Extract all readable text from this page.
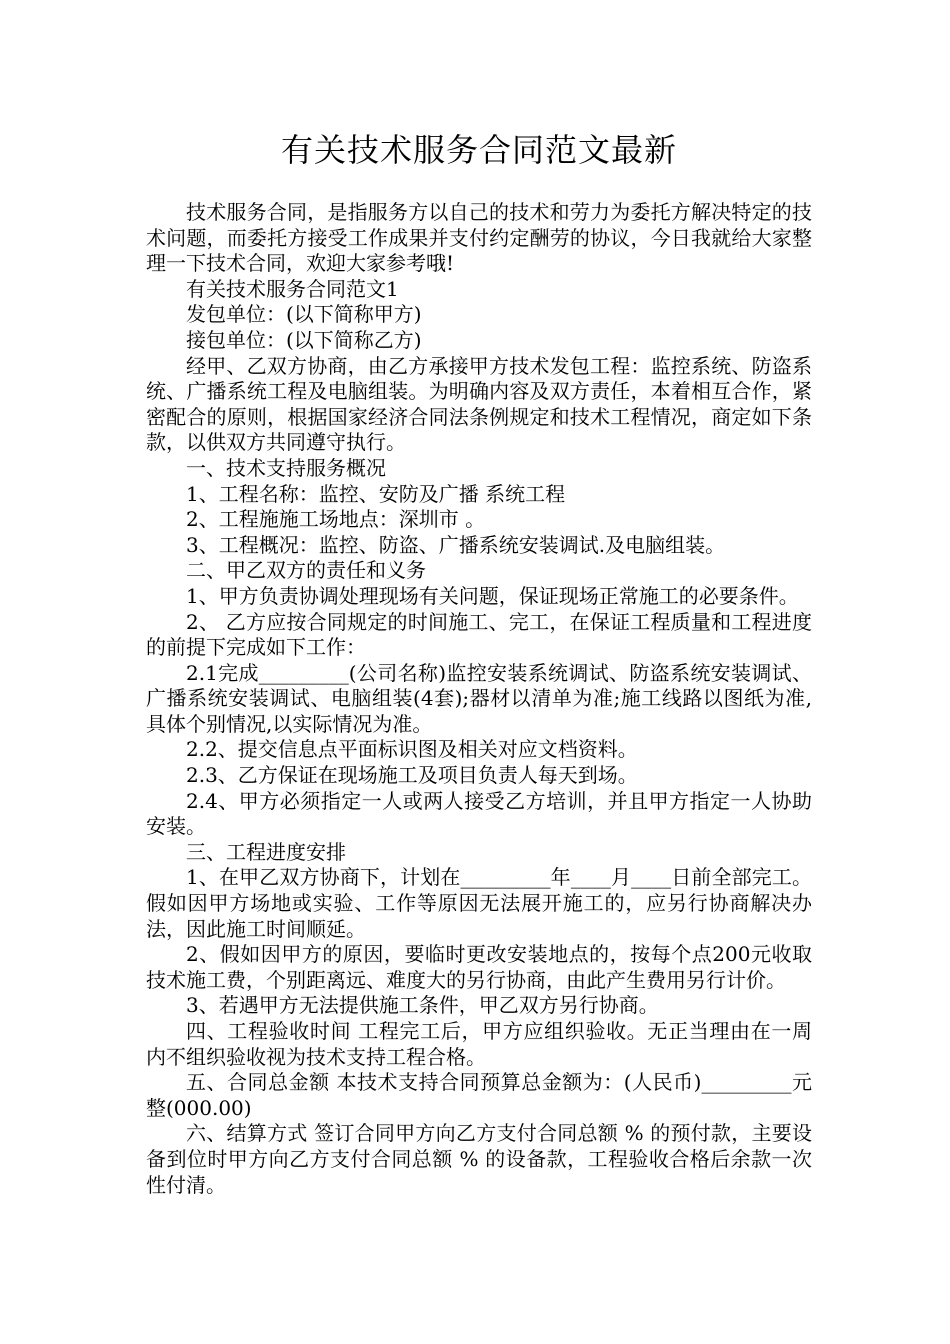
有关技术服务合同范文最新

技术服务合同，是指服务方以自己的技术和劳力为委托方解决特定的技术问题，而委托方接受工作成果并支付约定酬劳的协议，今日我就给大家整理一下技术合同，欢迎大家参考哦!

有关技术服务合同范文1

发包单位：(以下简称甲方)

接包单位：(以下简称乙方)

经甲、乙双方协商，由乙方承接甲方技术发包工程：监控系统、防盗系统、广播系统工程及电脑组装。为明确内容及双方责任，本着相互合作，紧密配合的原则，根据国家经济合同法条例规定和技术工程情况，商定如下条款，以供双方共同遵守执行。

一、技术支持服务概况

1、工程名称：监控、安防及广播 系统工程

2、工程施施工场地点：深圳市 。

3、工程概况：监控、防盗、广播系统安装调试.及电脑组装。

二、甲乙双方的责任和义务

1、甲方负责协调处理现场有关问题，保证现场正常施工的必要条件。

2、 乙方应按合同规定的时间施工、完工，在保证工程质量和工程进度的前提下完成如下工作：

2.1完成_________(公司名称)监控安装系统调试、防盗系统安装调试、广播系统安装调试、电脑组装(4套);器材以清单为准;施工线路以图纸为准,具体个别情况,以实际情况为准。

2.2、提交信息点平面标识图及相关对应文档资料。

2.3、乙方保证在现场施工及项目负责人每天到场。

2.4、甲方必须指定一人或两人接受乙方培训，并且甲方指定一人协助安装。

三、工程进度安排

1、在甲乙双方协商下，计划在_________年____月____日前全部完工。假如因甲方场地或实验、工作等原因无法展开施工的，应另行协商解决办法，因此施工时间顺延。

2、假如因甲方的原因，要临时更改安装地点的，按每个点200元收取技术施工费，个别距离远、难度大的另行协商，由此产生费用另行计价。

3、若遇甲方无法提供施工条件，甲乙双方另行协商。

四、工程验收时间 工程完工后，甲方应组织验收。无正当理由在一周内不组织验收视为技术支持工程合格。

五、合同总金额 本技术支持合同预算总金额为：(人民币)_________元整(000.00)

六、结算方式 签订合同甲方向乙方支付合同总额 % 的预付款，主要设备到位时甲方向乙方支付合同总额 % 的设备款，工程验收合格后余款一次性付清。
